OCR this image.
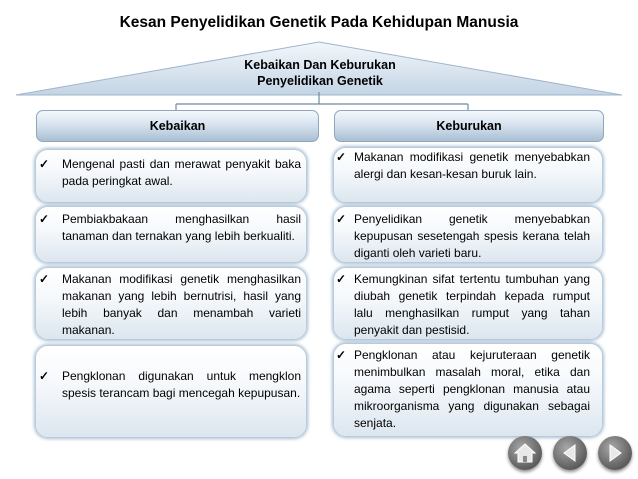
Kesan Penyelidikan Genetik Pada Kehidupan Manusia
Kebaikan Dan Keburukan
Penyelidikan Genetik
Kebaikan	Keburukan
✓ Mengenal pasti dan merawat penyakit baka pada peringkat awal.
✓ Pembiakbakaan menghasilkan hasil tanaman dan ternakan yang lebih berkualiti.
✓ Makanan modifikasi genetik menghasilkan makanan yang lebih bernutrisi, hasil yang lebih banyak dan menambah varieti makanan.
✓ Pengklonan digunakan untuk mengklon spesis terancam bagi mencegah kepupusan.
✓ Makanan modifikasi genetik menyebabkan alergi dan kesan-kesan buruk lain.
✓ Penyelidikan genetik menyebabkan kepupusan sesetengah spesis kerana telah diganti oleh varieti baru.
✓ Kemungkinan sifat tertentu tumbuhan yang diubah genetik terpindah kepada rumput lalu menghasilkan rumput yang tahan penyakit dan pestisid.
✓ Pengklonan atau kejuruteraan genetik menimbulkan masalah moral, etika dan agama seperti pengklonan manusia atau mikroorganisma yang digunakan sebagai senjata.
